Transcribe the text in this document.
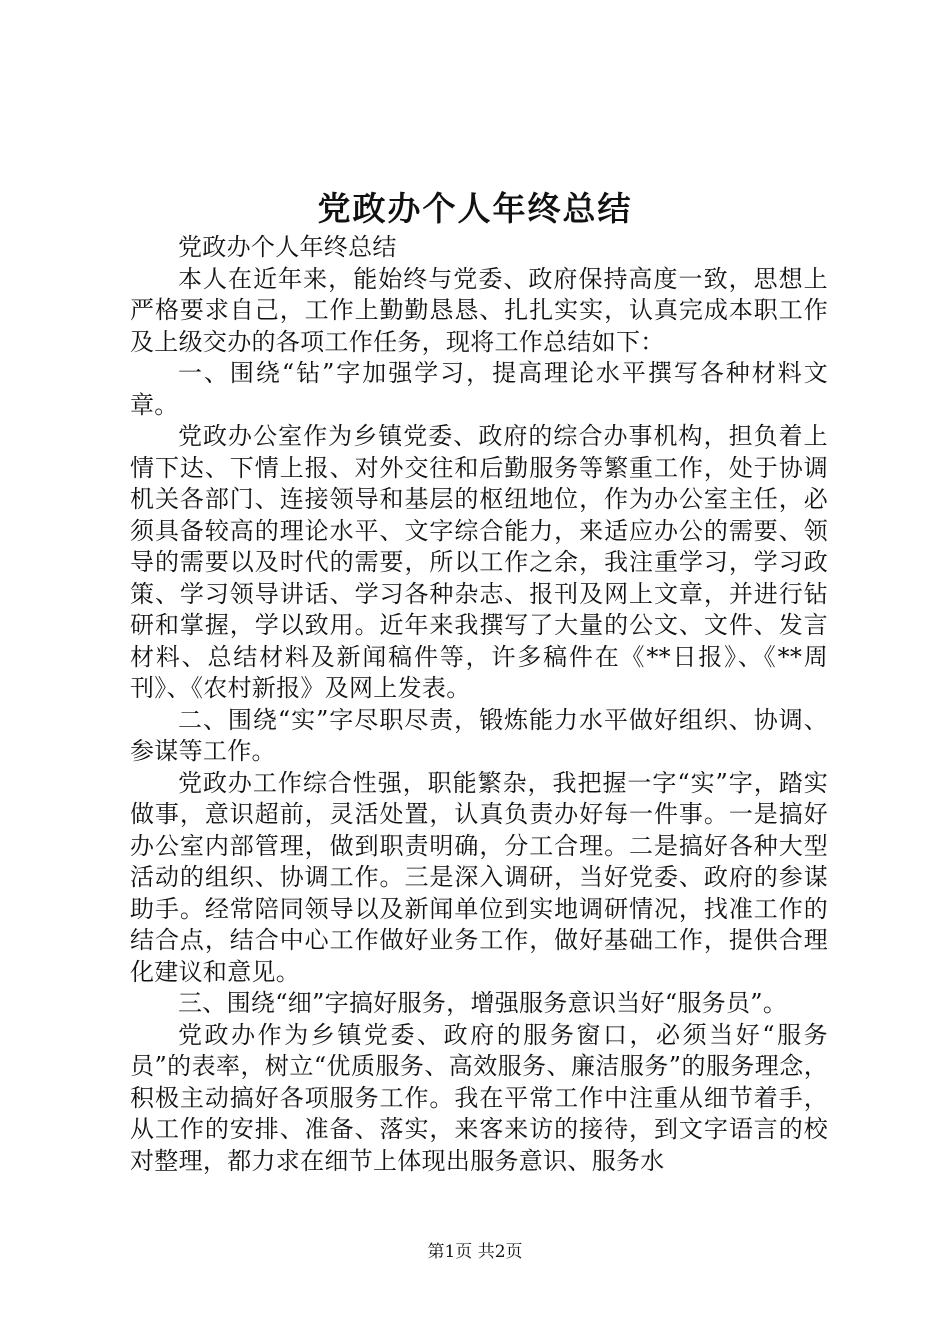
党政办个人年终总结

党政办个人年终总结

本人在近年来，能始终与党委、政府保持高度一致，思想上严格要求自己，工作上勤勤恳恳、扎扎实实，认真完成本职工作及上级交办的各项工作任务，现将工作总结如下：

一、围绕“钻”字加强学习，提高理论水平撰写各种材料文章。

党政办公室作为乡镇党委、政府的综合办事机构，担负着上情下达、下情上报、对外交往和后勤服务等繁重工作，处于协调机关各部门、连接领导和基层的枢纽地位，作为办公室主任，必须具备较高的理论水平、文字综合能力，来适应办公的需要、领导的需要以及时代的需要，所以工作之余，我注重学习，学习政策、学习领导讲话、学习各种杂志、报刊及网上文章，并进行钻研和掌握，学以致用。近年来我撰写了大量的公文、文件、发言材料、总结材料及新闻稿件等，许多稿件在《**日报》、《**周刊》、《农村新报》及网上发表。

二、围绕“实”字尽职尽责，锻炼能力水平做好组织、协调、参谋等工作。

党政办工作综合性强，职能繁杂，我把握一字“实”字，踏实做事，意识超前，灵活处置，认真负责办好每一件事。一是搞好办公室内部管理，做到职责明确，分工合理。二是搞好各种大型活动的组织、协调工作。三是深入调研，当好党委、政府的参谋助手。经常陪同领导以及新闻单位到实地调研情况，找准工作的结合点，结合中心工作做好业务工作，做好基础工作，提供合理化建议和意见。

三、围绕“细”字搞好服务，增强服务意识当好“服务员”。

党政办作为乡镇党委、政府的服务窗口，必须当好“服务员”的表率，树立“优质服务、高效服务、廉洁服务”的服务理念，积极主动搞好各项服务工作。我在平常工作中注重从细节着手，从工作的安排、准备、落实，来客来访的接待，到文字语言的校对整理，都力求在细节上体现出服务意识、服务水

第1页 共2页
